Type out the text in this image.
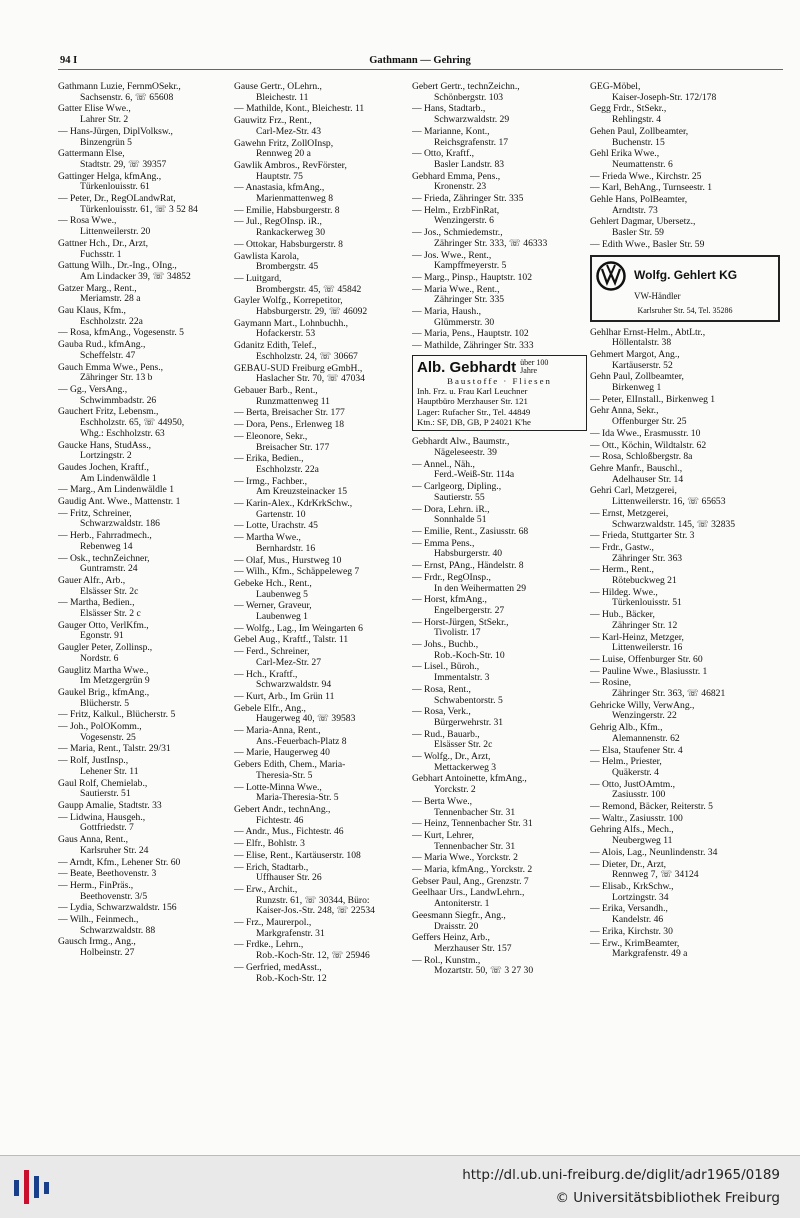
94 I	Gathmann — Gehring
Gathmann Luzie, FernmOSekr.,
Sachsenstr. 6, ☏ 65608
Gatter Elise Wwe.,
Lahrer Str. 2
— Hans-Jürgen, DiplVolksw.,
Binzengrün 5
Gattermann Else,
Stadtstr. 29, ☏ 39357
Gattinger Helga, kfmAng.,
Türkenlouisstr. 61
— Peter, Dr., RegOLandwRat,
Türkenlouisstr. 61, ☏ 3 52 84
— Rosa Wwe.,
Littenweilerstr. 20
Gattner Hch., Dr., Arzt,
Fuchsstr. 1
Gattung Wilh., Dr.-Ing., OIng.,
Am Lindacker 39, ☏ 34852
Gatzer Marg., Rent.,
Meriamstr. 28 a
Gau Klaus, Kfm.,
Eschholzstr. 22a
— Rosa, kfmAng., Vogesenstr. 5
Gauba Rud., kfmAng.,
Scheffelstr. 47
Gauch Emma Wwe., Pens.,
Zähringer Str. 13 b
— Gg., VersAng.,
Schwimmbadstr. 26
Gauchert Fritz, Lebensm.,
Eschholzstr. 65, ☏ 44950,
Whg.: Eschholzstr. 63
Gaucke Hans, StudAss.,
Lortzingstr. 2
Gaudes Jochen, Kraftf.,
Am Lindenwäldle 1
— Marg., Am Lindenwäldle 1
Gaudig Ant. Wwe., Mattenstr. 1
— Fritz, Schreiner,
Schwarzwaldstr. 186
— Herb., Fahrradmech.,
Rebenweg 14
— Osk., technZeichner,
Guntramstr. 24
Gauer Alfr., Arb.,
Elsässer Str. 2c
— Martha, Bedien.,
Elsässer Str. 2 c
Gauger Otto, VerlKfm.,
Egonstr. 91
Gaugler Peter, Zollinsp.,
Nordstr. 6
Gauglitz Martha Wwe.,
Im Metzgergrün 9
Gaukel Brig., kfmAng.,
Blücherstr. 5
— Fritz, Kalkul., Blücherstr. 5
— Joh., PolOKomm.,
Vogesenstr. 25
— Maria, Rent., Talstr. 29/31
— Rolf, JustInsp.,
Lehener Str. 11
Gaul Rolf, Chemielab.,
Sautierstr. 51
Gaupp Amalie, Stadtstr. 33
— Lidwina, Hausgeh.,
Gottfriedstr. 7
Gaus Anna, Rent.,
Karlsruher Str. 24
— Arndt, Kfm., Lehener Str. 60
— Beate, Beethovenstr. 3
— Herm., FinPräs.,
Beethovenstr. 3/5
— Lydia, Schwarzwaldstr. 156
— Wilh., Feinmech.,
Schwarzwaldstr. 88
Gausch Irmg., Ang.,
Holbeinstr. 27
Gause Gertr., OLehrn.,
Bleichestr. 11
— Mathilde, Kont., Bleichestr. 11
Gauwitz Frz., Rent.,
Carl-Mez-Str. 43
Gawehn Fritz, ZollOInsp,
Rennweg 20 a
Gawlik Ambros., RevFörster,
Hauptstr. 75
— Anastasia, kfmAng.,
Marienmattenweg 8
— Emilie, Habsburgerstr. 8
— Jul., RegOInsp. iR.,
Rankackerweg 30
— Ottokar, Habsburgerstr. 8
Gawlista Karola,
Brombergstr. 45
— Luitgard,
Brombergstr. 45, ☏ 45842
Gayler Wolfg., Korrepetitor,
Habsburgerstr. 29, ☏ 46092
Gaymann Mart., Lohnbuchh.,
Hofackerstr. 53
Gdanitz Edith, Telef.,
Eschholzstr. 24, ☏ 30667
GEBAU-SÜD Freiburg eGmbH.,
Haslacher Str. 70, ☏ 47034
Gebauer Barb., Rent.,
Runzmattenweg 11
— Berta, Breisacher Str. 177
— Dora, Pens., Erlenweg 18
— Eleonore, Sekr.,
Breisacher Str. 177
— Erika, Bedien.,
Eschholzstr. 22a
— Irmg., Fachber.,
Am Kreuzsteinacker 15
— Karin-Alex., KdrKrkSchw.,
Gartenstr. 10
— Lotte, Urachstr. 45
— Martha Wwe.,
Bernhardstr. 16
— Olaf, Mus., Hurstweg 10
— Wilh., Kfm., Schäppeleweg 7
Gebeke Hch., Rent.,
Laubenweg 5
— Werner, Graveur,
Laubenweg 1
— Wolfg., Lag., Im Weingarten 6
Gebel Aug., Kraftf., Talstr. 11
— Ferd., Schreiner,
Carl-Mez-Str. 27
— Hch., Kraftf.,
Schwarzwaldstr. 94
— Kurt, Arb., Im Grün 11
Gebele Elfr., Ang.,
Haugerweg 40, ☏ 39583
— Maria-Anna, Rent.,
Ans.-Feuerbach-Platz 8
— Marie, Haugerweg 40
Gebers Edith, Chem., Maria-
Theresia-Str. 5
— Lotte-Minna Wwe.,
Maria-Theresia-Str. 5
Gebert Andr., technAng.,
Fichtestr. 46
— Andr., Mus., Fichtestr. 46
— Elfr., Bohlstr. 3
— Elise, Rent., Kartäuserstr. 108
— Erich, Stadtarb.,
Uffhauser Str. 26
— Erw., Archit.,
Runzstr. 61, ☏ 30344, Büro:
Kaiser-Jos.-Str. 248, ☏ 22534
— Frz., Maurerpol.,
Markgrafenstr. 31
— Frdke., Lehrn.,
Rob.-Koch-Str. 12, ☏ 25946
— Gerfried, medAsst.,
Rob.-Koch-Str. 12
Gebert Gertr., technZeichn.,
Schönbergstr. 103
— Hans, Stadtarb.,
Schwarzwaldstr. 29
— Marianne, Kont.,
Reichsgrafenstr. 17
— Otto, Kraftf.,
Basler Landstr. 83
Gebhard Emma, Pens.,
Kronenstr. 23
— Frieda, Zähringer Str. 335
— Helm., ErzbFinRat,
Wenzingerstr. 6
— Jos., Schmiedemstr.,
Zähringer Str. 333, ☏ 46333
— Jos. Wwe., Rent.,
Kampffmeyerstr. 5
— Marg., Pinsp., Hauptstr. 102
— Maria Wwe., Rent.,
Zähringer Str. 335
— Maria, Haush.,
Glümmerstr. 30
— Maria, Pens., Hauptstr. 102
— Mathilde, Zähringer Str. 333
Alb. Gebhardt über 100 Jahre
Baustoffe · Fliesen
Inh. Frz. u. Frau Karl Leuchner
Hauptbüro Merzhauser Str. 121
Lager: Rufacher Str., Tel. 44849
Ktn.: SF, DB, GB, P 24021 K'he
Gebhardt Alw., Baumstr.,
Nägeleseestr. 39
— Annel., Näh.,
Ferd.-Weiß-Str. 114a
— Carlgeorg, Dipling.,
Sautierstr. 55
— Dora, Lehrn. iR.,
Sonnhalde 51
— Emilie, Rent., Zasiusstr. 68
— Emma Pens.,
Habsburgerstr. 40
— Ernst, PAng., Händelstr. 8
— Frdr., RegOInsp.,
In den Weihermatten 29
— Horst, kfmAng.,
Engelbergerstr. 27
— Horst-Jürgen, StSekr.,
Tivolistr. 17
— Johs., Buchb.,
Rob.-Koch-Str. 10
— Lisel., Büroh.,
Immentalstr. 3
— Rosa, Rent.,
Schwabentorstr. 5
— Rosa, Verk.,
Bürgerwehrstr. 31
— Rud., Bauarb.,
Elsässer Str. 2c
— Wolfg., Dr., Arzt,
Mettackerweg 3
Gebhart Antoinette, kfmAng.,
Yorckstr. 2
— Berta Wwe.,
Tennenbacher Str. 31
— Heinz, Tennenbacher Str. 31
— Kurt, Lehrer,
Tennenbacher Str. 31
— Maria Wwe., Yorckstr. 2
— Maria, kfmAng., Yorckstr. 2
Gebser Paul, Ang., Grenzstr. 7
Geelhaar Urs., LandwLehrn.,
Antoniterstr. 1
Geesmann Siegfr., Ang.,
Draisstr. 20
Geffers Heinz, Arb.,
Merzhauser Str. 157
— Rol., Kunstm.,
Mozartstr. 50, ☏ 3 27 30
GEG-Möbel,
Kaiser-Joseph-Str. 172/178
Gegg Frdr., StSekr.,
Rehlingstr. 4
Gehen Paul, Zollbeamter,
Buchenstr. 15
Gehl Erika Wwe.,
Neumattenstr. 6
— Frieda Wwe., Kirchstr. 25
— Karl, BehAng., Turnseestr. 1
Gehle Hans, PolBeamter,
Arndtstr. 73
Gehlert Dagmar, Übersetz.,
Basler Str. 59
— Edith Wwe., Basler Str. 59
VW Wolfg. Gehlert KG
VW-Händler
Karlsruher Str. 54, Tel. 35286
Gehlhar Ernst-Helm., AbtLtr.,
Höllentalstr. 38
Gehmert Margot, Ang.,
Kartäuserstr. 52
Gehn Paul, Zollbeamter,
Birkenweg 1
— Peter, ElInstall., Birkenweg 1
Gehr Anna, Sekr.,
Offenburger Str. 25
— Ida Wwe., Erasmusstr. 10
— Ott., Köchin, Wildtalstr. 62
— Rosa, Schloßbergstr. 8a
Gehre Manfr., Bauschl.,
Adelhauser Str. 14
Gehri Carl, Metzgerei,
Littenweilerstr. 16, ☏ 65653
— Ernst, Metzgerei,
Schwarzwaldstr. 145, ☏ 32835
— Frieda, Stuttgarter Str. 3
— Frdr., Gastw.,
Zähringer Str. 363
— Herm., Rent.,
Rötebuckweg 21
— Hildeg. Wwe.,
Türkenlouisstr. 51
— Hub., Bäcker,
Zähringer Str. 12
— Karl-Heinz, Metzger,
Littenweilerstr. 16
— Luise, Offenburger Str. 60
— Pauline Wwe., Blasiusstr. 1
— Rosine,
Zähringer Str. 363, ☏ 46821
Gehricke Willy, VerwAng.,
Wenzingerstr. 22
Gehrig Alb., Kfm.,
Alemannenstr. 62
— Elsa, Staufener Str. 4
— Helm., Priester,
Quäkerstr. 4
— Otto, JustOAmtm.,
Zasiusstr. 100
— Remond, Bäcker, Reiterstr. 5
— Waltr., Zasiusstr. 100
Gehring Alfs., Mech.,
Neubergweg 11
— Alois, Lag., Neunlindenstr. 34
— Dieter, Dr., Arzt,
Rennweg 7, ☏ 34124
— Elisab., KrkSchw.,
Lortzingstr. 34
— Erika, Versandh.,
Kandelstr. 46
— Erika, Kirchstr. 30
— Erw., KrimBeamter,
Markgrafenstr. 49 a
http://dl.ub.uni-freiburg.de/diglit/adr1965/0189
© Universitätsbibliothek Freiburg
